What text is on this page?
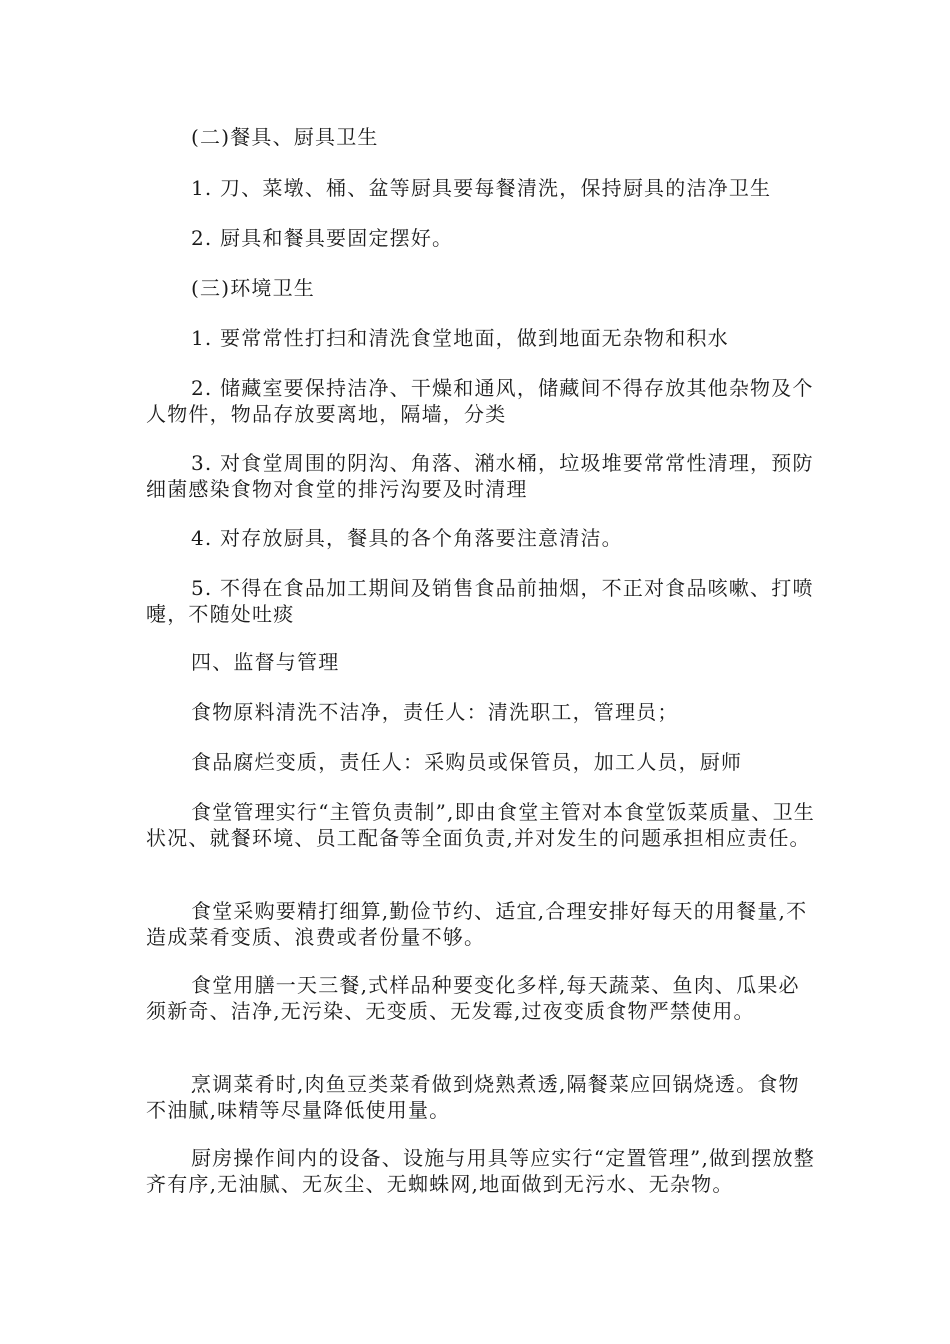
(二)餐具、厨具卫生

1. 刀、菜墩、桶、盆等厨具要每餐清洗，保持厨具的洁净卫生

2. 厨具和餐具要固定摆好。

(三)环境卫生

1. 要常常性打扫和清洗食堂地面，做到地面无杂物和积水

2. 储藏室要保持洁净、干燥和通风，储藏间不得存放其他杂物及个人物件，物品存放要离地，隔墙，分类

3. 对食堂周围的阴沟、角落、潲水桶，垃圾堆要常常性清理，预防细菌感染食物对食堂的排污沟要及时清理

4. 对存放厨具，餐具的各个角落要注意清洁。

5. 不得在食品加工期间及销售食品前抽烟，不正对食品咳嗽、打喷嚏，不随处吐痰

四、监督与管理

食物原料清洗不洁净，责任人：清洗职工，管理员；

食品腐烂变质，责任人：采购员或保管员，加工人员，厨师

食堂管理实行“主管负责制”,即由食堂主管对本食堂饭菜质量、卫生状况、就餐环境、员工配备等全面负责,并对发生的问题承担相应责任。

食堂采购要精打细算,勤俭节约、适宜,合理安排好每天的用餐量,不造成菜肴变质、浪费或者份量不够。

食堂用膳一天三餐,式样品种要变化多样,每天蔬菜、鱼肉、瓜果必须新奇、洁净,无污染、无变质、无发霉,过夜变质食物严禁使用。

烹调菜肴时,肉鱼豆类菜肴做到烧熟煮透,隔餐菜应回锅烧透。食物不油腻,味精等尽量降低使用量。

厨房操作间内的设备、设施与用具等应实行“定置管理”,做到摆放整齐有序,无油腻、无灰尘、无蜘蛛网,地面做到无污水、无杂物。
